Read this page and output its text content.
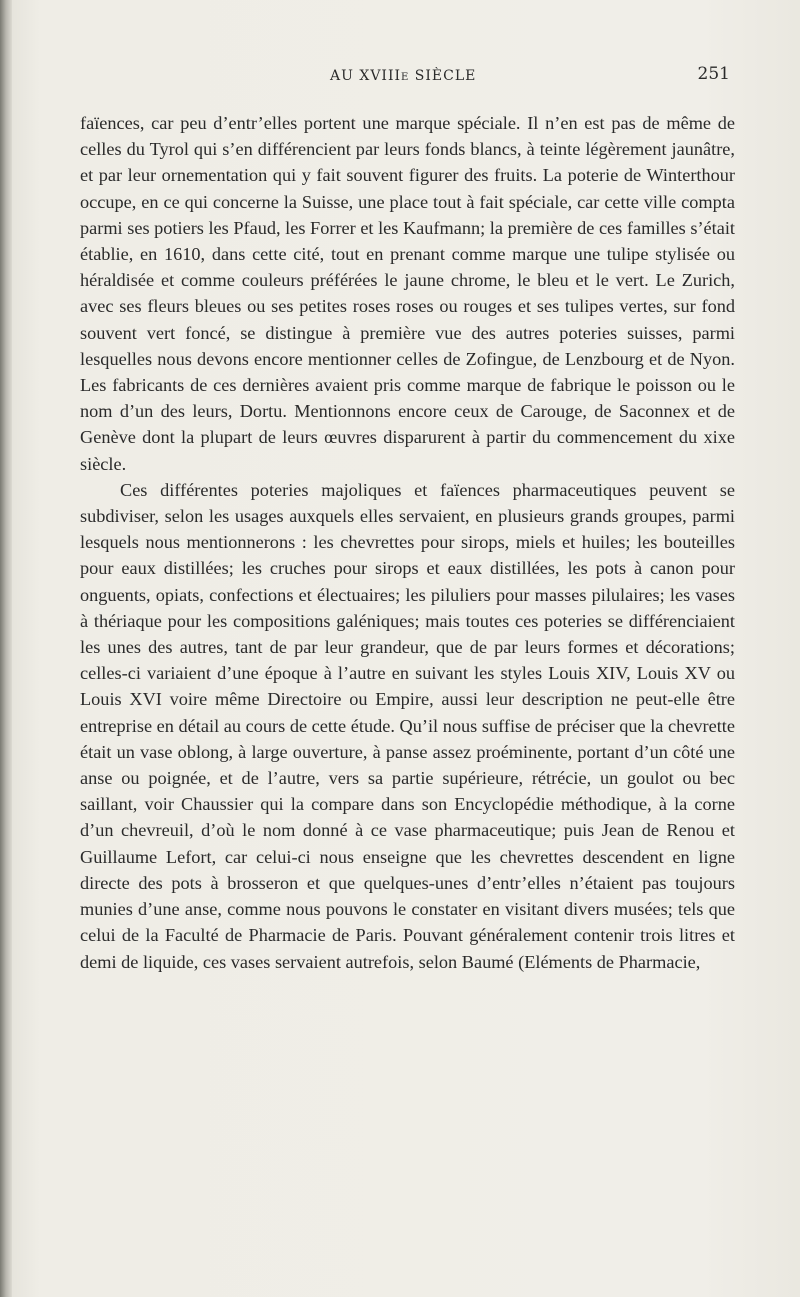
AU XVIIIe SIÈCLE	251

faïences, car peu d’entr’elles portent une marque spéciale. Il n’en est pas de même de celles du Tyrol qui s’en différencient par leurs fonds blancs, à teinte légèrement jaunâtre, et par leur ornementation qui y fait souvent figurer des fruits. La poterie de Winterthour occupe, en ce qui concerne la Suisse, une place tout à fait spéciale, car cette ville compta parmi ses potiers les Pfaud, les Forrer et les Kaufmann; la première de ces familles s’était établie, en 1610, dans cette cité, tout en prenant comme marque une tulipe stylisée ou héraldisée et comme couleurs préférées le jaune chrome, le bleu et le vert. Le Zurich, avec ses fleurs bleues ou ses petites roses roses ou rouges et ses tulipes vertes, sur fond souvent vert foncé, se distingue à première vue des autres poteries suisses, parmi lesquelles nous devons encore mentionner celles de Zofingue, de Lenzbourg et de Nyon. Les fabricants de ces dernières avaient pris comme marque de fabrique le poisson ou le nom d’un des leurs, Dortu. Mentionnons encore ceux de Carouge, de Saconnex et de Genève dont la plupart de leurs œuvres disparurent à partir du commencement du xixe siècle.

Ces différentes poteries majoliques et faïences pharmaceutiques peuvent se subdiviser, selon les usages auxquels elles servaient, en plusieurs grands groupes, parmi lesquels nous mentionnerons : les chevrettes pour sirops, miels et huiles; les bouteilles pour eaux distillées; les cruches pour sirops et eaux distillées, les pots à canon pour onguents, opiats, confections et électuaires; les piluliers pour masses pilulaires; les vases à thériaque pour les compositions galéniques; mais toutes ces poteries se différenciaient les unes des autres, tant de par leur grandeur, que de par leurs formes et décorations; celles-ci variaient d’une époque à l’autre en suivant les styles Louis XIV, Louis XV ou Louis XVI voire même Directoire ou Empire, aussi leur description ne peut-elle être entreprise en détail au cours de cette étude. Qu’il nous suffise de préciser que la chevrette était un vase oblong, à large ouverture, à panse assez proéminente, portant d’un côté une anse ou poignée, et de l’autre, vers sa partie supérieure, rétrécie, un goulot ou bec saillant, voir Chaussier qui la compare dans son Encyclopédie méthodique, à la corne d’un chevreuil, d’où le nom donné à ce vase pharmaceutique; puis Jean de Renou et Guillaume Lefort, car celui-ci nous enseigne que les chevrettes descendent en ligne directe des pots à brosseron et que quelques-unes d’entr’elles n’étaient pas toujours munies d’une anse, comme nous pouvons le constater en visitant divers musées; tels que celui de la Faculté de Pharmacie de Paris. Pouvant généralement contenir trois litres et demi de liquide, ces vases servaient autrefois, selon Baumé (Eléments de Pharmacie,
